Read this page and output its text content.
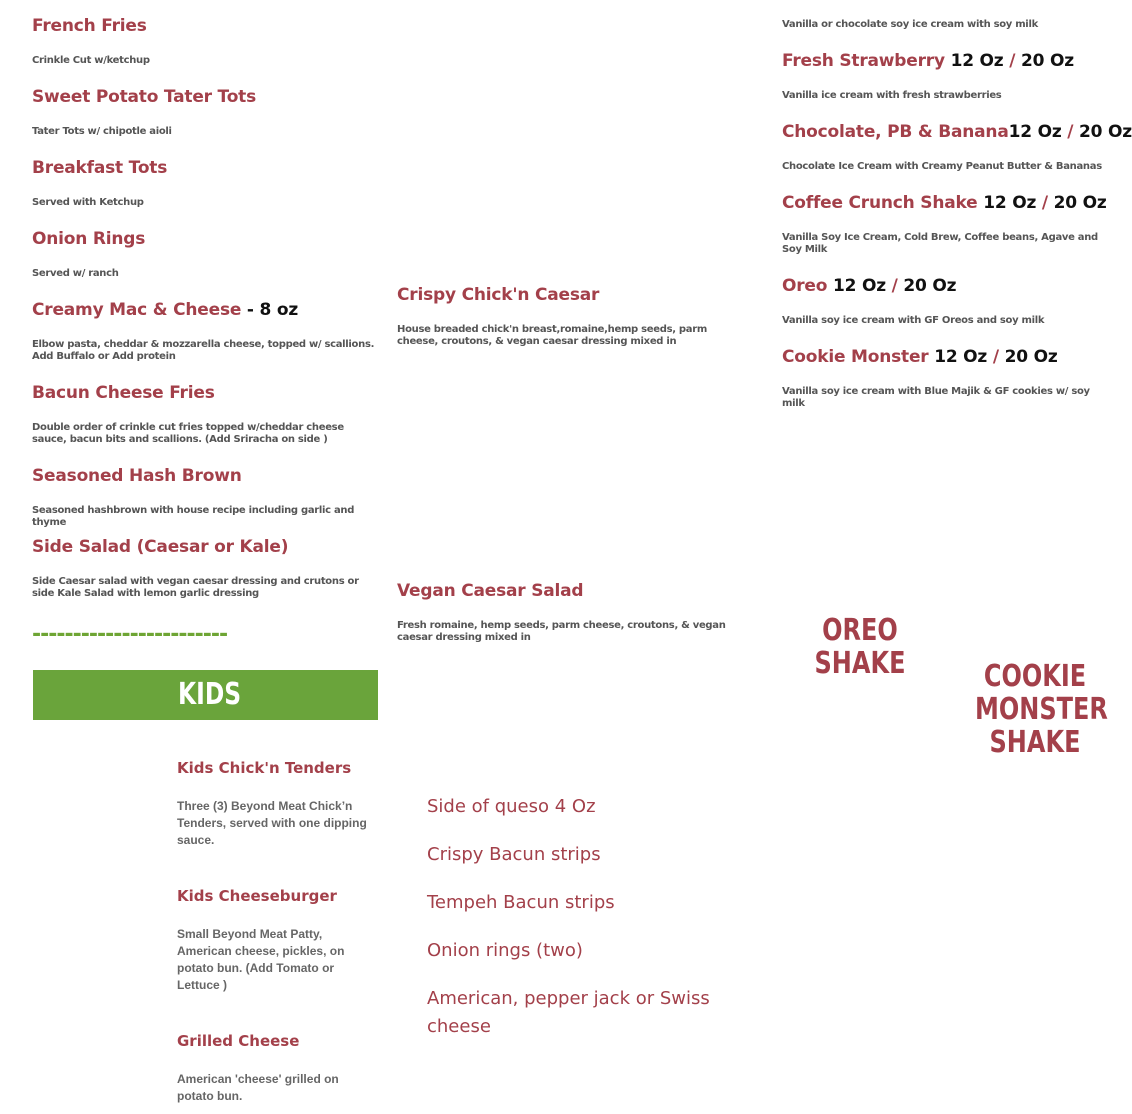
French Fries
Crinkle Cut w/ketchup
Sweet Potato Tater Tots
Tater Tots w/ chipotle aioli
Breakfast Tots
Served with Ketchup
Onion Rings
Served w/ ranch
Creamy Mac & Cheese - 8 oz
Elbow pasta, cheddar & mozzarella cheese, topped w/ scallions. Add Buffalo or Add protein
Bacun Cheese Fries
Double order of crinkle cut fries topped w/cheddar cheese sauce, bacun bits and scallions. (Add Sriracha on side )
Seasoned Hash Brown
Seasoned hashbrown with house recipe including garlic and thyme
Side Salad (Caesar or Kale)
Side Caesar salad with vegan caesar dressing and crutons or side Kale Salad with lemon garlic dressing
------------------------
KIDS
Kids Chick'n Tenders
Three (3) Beyond Meat Chick’n Tenders, served with one dipping sauce.
Kids Cheeseburger
Small Beyond Meat Patty, American cheese, pickles, on potato bun. (Add Tomato or Lettuce )
Grilled Cheese
American 'cheese' grilled on potato bun.
Crispy Chick'n Caesar
House breaded chick'n breast,romaine,hemp seeds, parm cheese, croutons, & vegan caesar dressing mixed in
Vegan Caesar Salad
Fresh romaine, hemp seeds, parm cheese, croutons, & vegan caesar dressing mixed in
Side of queso 4 Oz
Crispy Bacun strips
Tempeh Bacun strips
Onion rings (two)
American, pepper jack or Swiss cheese
Vanilla or chocolate soy ice cream with soy milk
Fresh Strawberry 12 Oz / 20 Oz
Vanilla ice cream with fresh strawberries
Chocolate, PB & Banana12 Oz / 20 Oz
Chocolate Ice Cream with Creamy Peanut Butter & Bananas
Coffee Crunch Shake 12 Oz / 20 Oz
Vanilla Soy Ice Cream, Cold Brew, Coffee beans, Agave and Soy Milk
Oreo 12 Oz / 20 Oz
Vanilla soy ice cream with GF Oreos and soy milk
Cookie Monster 12 Oz / 20 Oz
Vanilla soy ice cream with Blue Majik & GF cookies w/ soy milk
OREO
SHAKE	COOKIE
MONSTER
SHAKE
